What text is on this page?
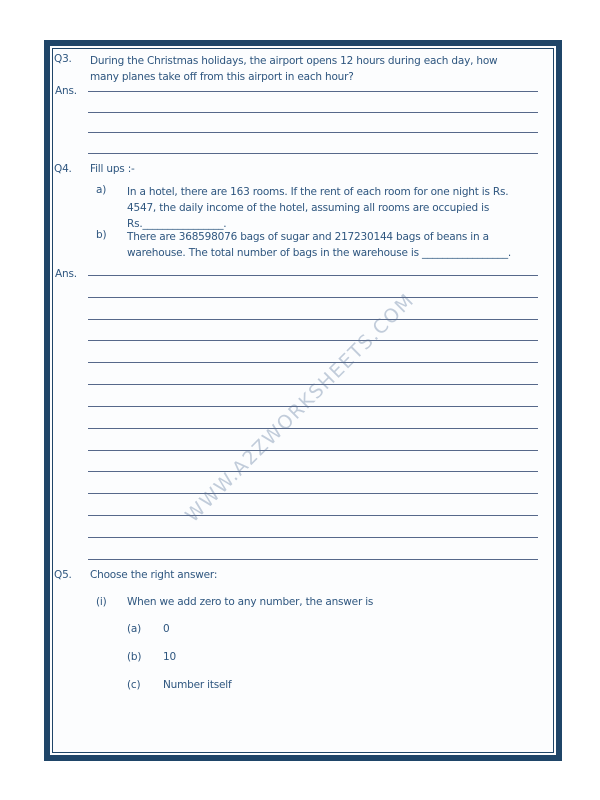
WWW.A2ZWORKSHEETS.COM
Q3. During the Christmas holidays, the airport opens 12 hours during each day, how
many planes take off from this airport in each hour?
Ans.
Q4. Fill ups :-
a) In a hotel, there are 163 rooms. If the rent of each room for one night is Rs.
4547, the daily income of the hotel, assuming all rooms are occupied is
Rs.________________.
b) There are 368598076 bags of sugar and 217230144 bags of beans in a
warehouse. The total number of bags in the warehouse is _________________.
Ans.
Q5. Choose the right answer:
(i) When we add zero to any number, the answer is
(a) 0
(b) 10
(c) Number itself
